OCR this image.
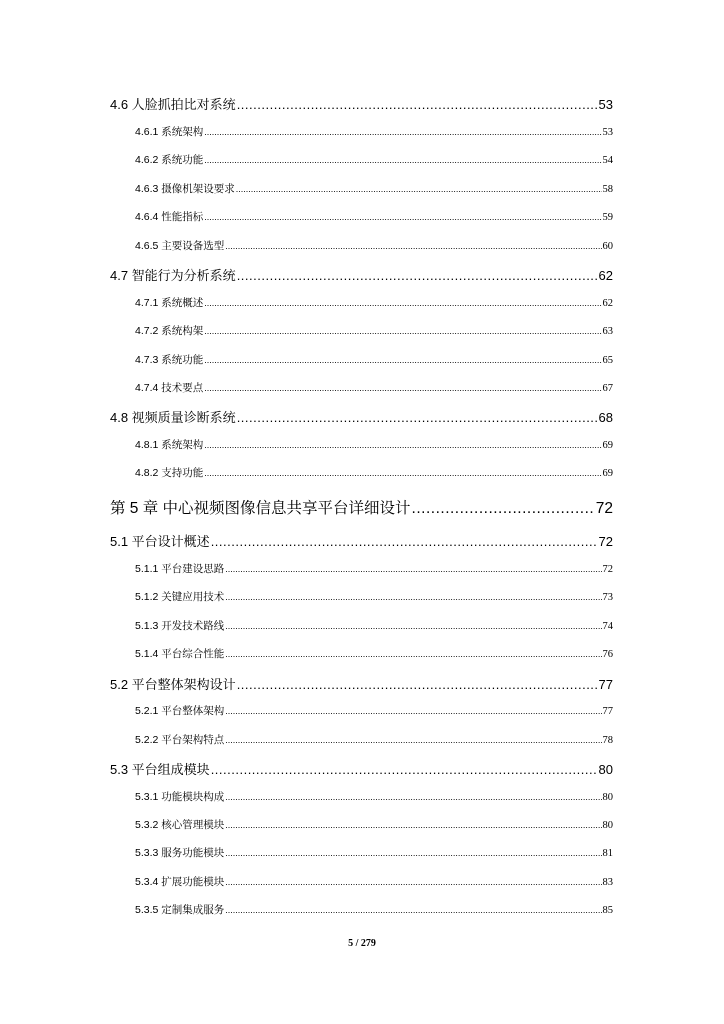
4.6 人脸抓拍比对系统 .....	53
4.6.1 系统架构 .....	53
4.6.2 系统功能 .....	54
4.6.3 摄像机架设要求 .....	58
4.6.4 性能指标 .....	59
4.6.5 主要设备选型 .....	60
4.7 智能行为分析系统 .....	62
4.7.1 系统概述 .....	62
4.7.2 系统构架 .....	63
4.7.3 系统功能 .....	65
4.7.4 技术要点 .....	67
4.8 视频质量诊断系统 .....	68
4.8.1 系统架构 .....	69
4.8.2 支持功能 .....	69
第 5 章 中心视频图像信息共享平台详细设计 .....	72
5.1 平台设计概述 .....	72
5.1.1 平台建设思路 .....	72
5.1.2 关键应用技术 .....	73
5.1.3 开发技术路线 .....	74
5.1.4 平台综合性能 .....	76
5.2 平台整体架构设计 .....	77
5.2.1 平台整体架构 .....	77
5.2.2 平台架构特点 .....	78
5.3 平台组成模块 .....	80
5.3.1 功能模块构成 .....	80
5.3.2 核心管理模块 .....	80
5.3.3 服务功能模块 .....	81
5.3.4 扩展功能模块 .....	83
5.3.5 定制集成服务 .....	85
5 / 279
